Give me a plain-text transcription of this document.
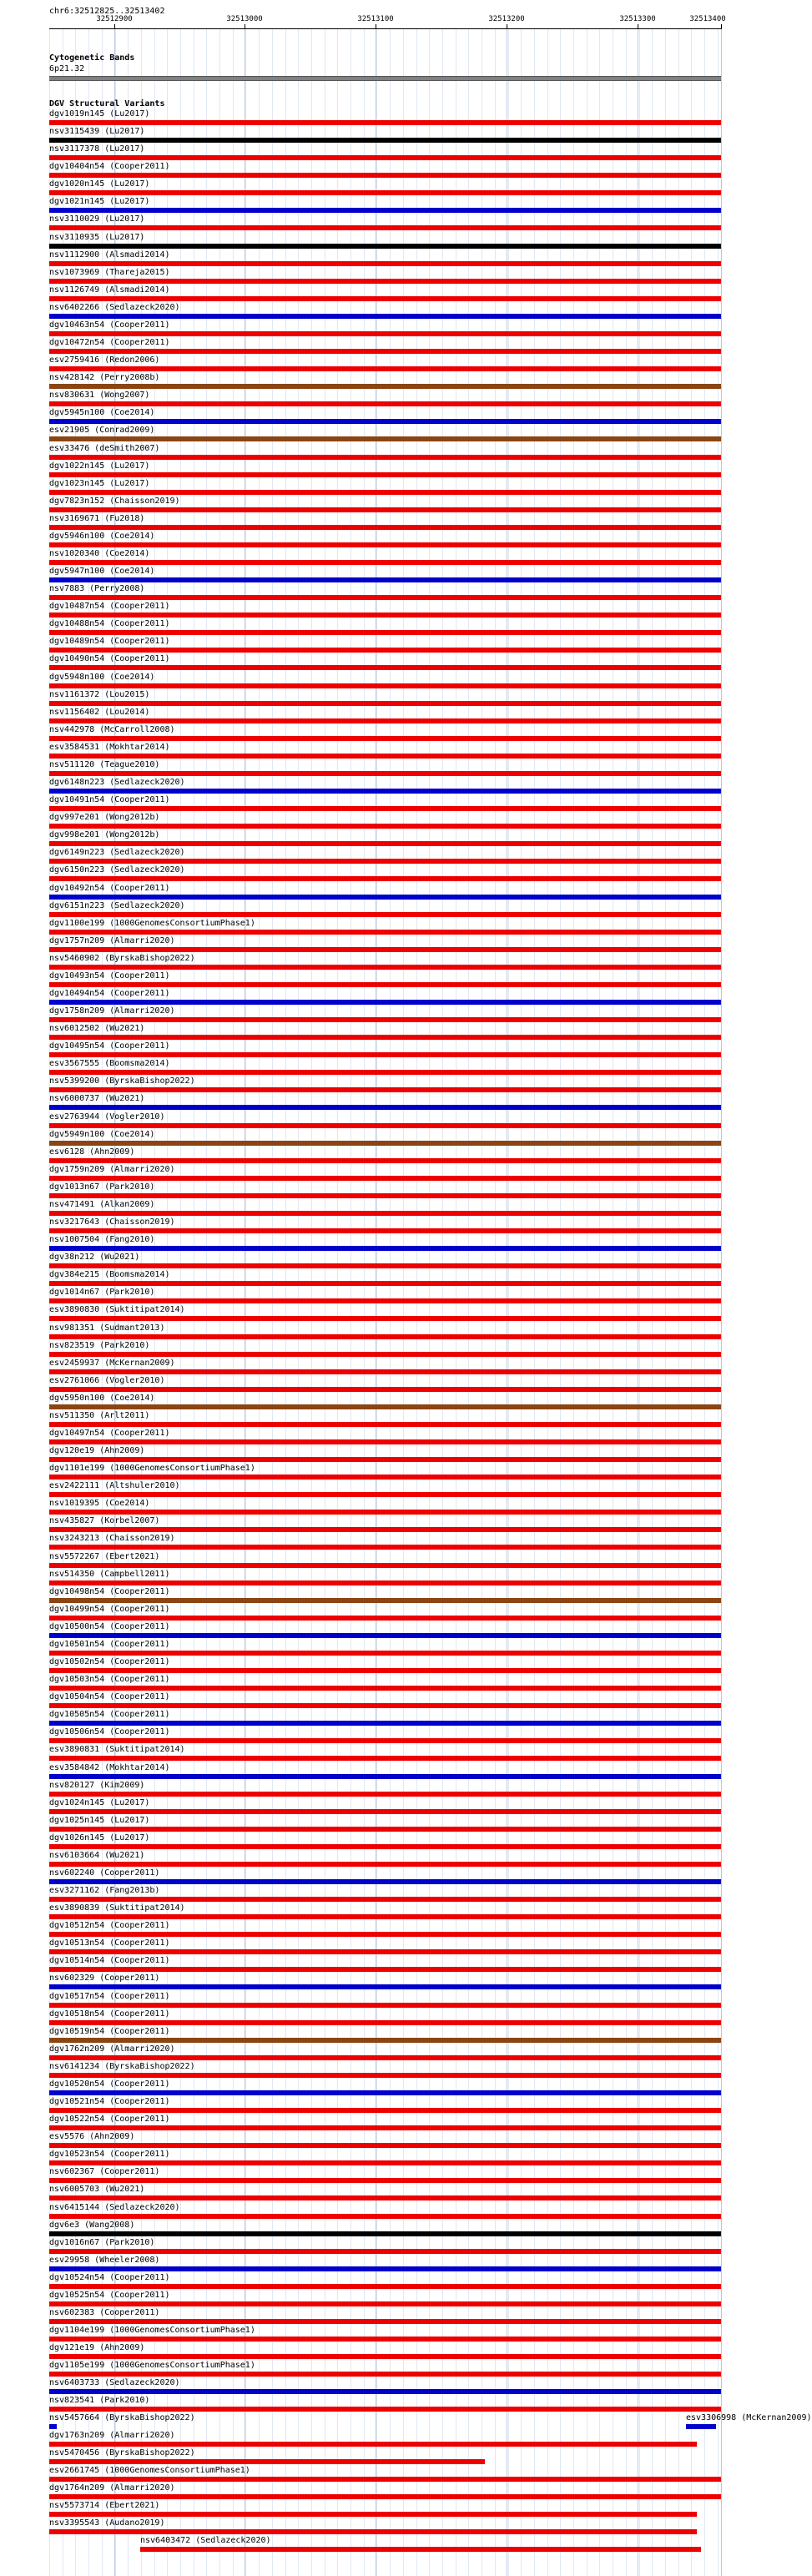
chr6:32512825..32513402
32512900	32513000	32513100	32513200	32513300	32513400
Cytogenetic Bands
6p21.32
DGV Structural Variants
dgv1019n145 (Lu2017)
nsv3115439 (Lu2017)
nsv3117378 (Lu2017)
dgv10404n54 (Cooper2011)
dgv1020n145 (Lu2017)
dgv1021n145 (Lu2017)
nsv3110029 (Lu2017)
nsv3110935 (Lu2017)
nsv1112900 (Alsmadi2014)
nsv1073969 (Thareja2015)
nsv1126749 (Alsmadi2014)
nsv6402266 (Sedlazeck2020)
dgv10463n54 (Cooper2011)
dgv10472n54 (Cooper2011)
esv2759416 (Redon2006)
nsv428142 (Perry2008b)
nsv830631 (Wong2007)
dgv5945n100 (Coe2014)
esv21905 (Conrad2009)
esv33476 (deSmith2007)
dgv1022n145 (Lu2017)
dgv1023n145 (Lu2017)
dgv7823n152 (Chaisson2019)
nsv3169671 (Fu2018)
dgv5946n100 (Coe2014)
nsv1020340 (Coe2014)
dgv5947n100 (Coe2014)
nsv7883 (Perry2008)
dgv10487n54 (Cooper2011)
dgv10488n54 (Cooper2011)
dgv10489n54 (Cooper2011)
dgv10490n54 (Cooper2011)
dgv5948n100 (Coe2014)
nsv1161372 (Lou2015)
nsv1156402 (Lou2014)
nsv442978 (McCarroll2008)
esv3584531 (Mokhtar2014)
nsv511120 (Teague2010)
dgv6148n223 (Sedlazeck2020)
dgv10491n54 (Cooper2011)
dgv997e201 (Wong2012b)
dgv998e201 (Wong2012b)
dgv6149n223 (Sedlazeck2020)
dgv6150n223 (Sedlazeck2020)
dgv10492n54 (Cooper2011)
dgv6151n223 (Sedlazeck2020)
dgv1100e199 (1000GenomesConsortiumPhase1)
dgv1757n209 (Almarri2020)
nsv5460902 (ByrskaBishop2022)
dgv10493n54 (Cooper2011)
dgv10494n54 (Cooper2011)
dgv1758n209 (Almarri2020)
nsv6012502 (Wu2021)
dgv10495n54 (Cooper2011)
esv3567555 (Boomsma2014)
nsv5399200 (ByrskaBishop2022)
nsv6000737 (Wu2021)
esv2763944 (Vogler2010)
dgv5949n100 (Coe2014)
esv6128 (Ahn2009)
dgv1759n209 (Almarri2020)
dgv1013n67 (Park2010)
nsv471491 (Alkan2009)
nsv3217643 (Chaisson2019)
nsv1007504 (Fang2010)
dgv38n212 (Wu2021)
dgv384e215 (Boomsma2014)
dgv1014n67 (Park2010)
esv3890830 (Suktitipat2014)
nsv981351 (Sudmant2013)
nsv823519 (Park2010)
esv2459937 (McKernan2009)
esv2761066 (Vogler2010)
dgv5950n100 (Coe2014)
nsv511350 (Arlt2011)
dgv10497n54 (Cooper2011)
dgv120e19 (Ahn2009)
dgv1101e199 (1000GenomesConsortiumPhase1)
esv2422111 (Altshuler2010)
nsv1019395 (Coe2014)
nsv435827 (Korbel2007)
nsv3243213 (Chaisson2019)
nsv5572267 (Ebert2021)
nsv514350 (Campbell2011)
dgv10498n54 (Cooper2011)
dgv10499n54 (Cooper2011)
dgv10500n54 (Cooper2011)
dgv10501n54 (Cooper2011)
dgv10502n54 (Cooper2011)
dgv10503n54 (Cooper2011)
dgv10504n54 (Cooper2011)
dgv10505n54 (Cooper2011)
dgv10506n54 (Cooper2011)
esv3890831 (Suktitipat2014)
esv3584842 (Mokhtar2014)
nsv820127 (Kim2009)
dgv1024n145 (Lu2017)
dgv1025n145 (Lu2017)
dgv1026n145 (Lu2017)
nsv6103664 (Wu2021)
nsv602240 (Cooper2011)
esv3271162 (Fang2013b)
esv3890839 (Suktitipat2014)
dgv10512n54 (Cooper2011)
dgv10513n54 (Cooper2011)
dgv10514n54 (Cooper2011)
nsv602329 (Cooper2011)
dgv10517n54 (Cooper2011)
dgv10518n54 (Cooper2011)
dgv10519n54 (Cooper2011)
dgv1762n209 (Almarri2020)
nsv6141234 (ByrskaBishop2022)
dgv10520n54 (Cooper2011)
dgv10521n54 (Cooper2011)
dgv10522n54 (Cooper2011)
esv5576 (Ahn2009)
dgv10523n54 (Cooper2011)
nsv602367 (Cooper2011)
nsv6005703 (Wu2021)
nsv6415144 (Sedlazeck2020)
dgv6e3 (Wang2008)
dgv1016n67 (Park2010)
esv29958 (Wheeler2008)
dgv10524n54 (Cooper2011)
dgv10525n54 (Cooper2011)
nsv602383 (Cooper2011)
dgv1104e199 (1000GenomesConsortiumPhase1)
dgv121e19 (Ahn2009)
dgv1105e199 (1000GenomesConsortiumPhase1)
nsv6403733 (Sedlazeck2020)
nsv823541 (Park2010)
nsv5457664 (ByrskaBishop2022)	esv3306998 (McKernan2009)
dgv1763n209 (Almarri2020)
nsv5470456 (ByrskaBishop2022)
esv2661745 (1000GenomesConsortiumPhase1)
dgv1764n209 (Almarri2020)
nsv5573714 (Ebert2021)
nsv3395543 (Audano2019)
nsv6403472 (Sedlazeck2020)
